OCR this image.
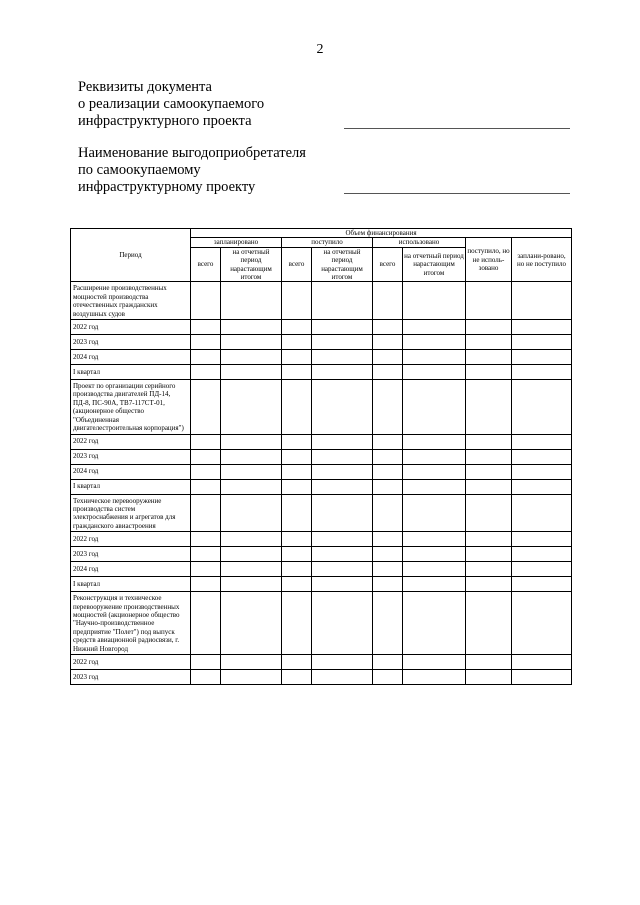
2
Реквизиты документа
о реализации самоокупаемого
инфраструктурного проекта
Наименование выгодоприобретателя
по самоокупаемому
инфраструктурному проекту
Период	Объем финансирования							
	запланировано		поступило		использовано		поступило, но не исполь-зовано	заплани-ровано, но не поступило
	всего	на отчетный период нарастающим итогом	всего	на отчетный период нарастающим итогом	всего	на отчетный период нарастающим итогом		
Расширение производственных мощностей производства отечественных гражданских воздушных судов								
2022 год								
2023 год								
2024 год								
I квартал								
Проект по организации серийного производства двигателей ПД-14, ПД-8, ПС-90А, ТВ7-117СТ-01, (акционерное общество "Объединенная двигателестроительная корпорация")								
2022 год								
2023 год								
2024 год								
I квартал								
Техническое перевооружение производства систем электроснабжения и агрегатов для гражданского авиастроения								
2022 год								
2023 год								
2024 год								
I квартал								
Реконструкция и техническое перевооружение производственных мощностей (акционерное общество "Научно-производственное предприятие "Полет") под выпуск средств авиационной радиосвязи, г. Нижний Новгород								
2022 год								
2023 год								
